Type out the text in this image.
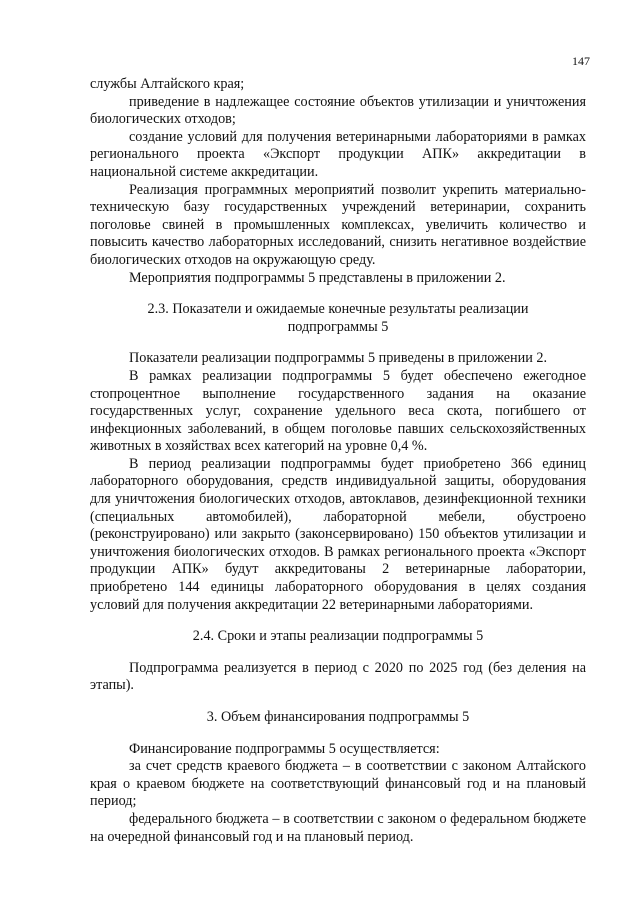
147

службы Алтайского края;

приведение в надлежащее состояние объектов утилизации и уничтожения биологических отходов;

создание условий для получения ветеринарными лабораториями в рамках регионального проекта «Экспорт продукции АПК» аккредитации в национальной системе аккредитации.

Реализация программных мероприятий позволит укрепить материально-техническую базу государственных учреждений ветеринарии, сохранить поголовье свиней в промышленных комплексах, увеличить количество и повысить качество лабораторных исследований, снизить негативное воздействие биологических отходов на окружающую среду.

Мероприятия подпрограммы 5 представлены в приложении 2.

2.3. Показатели и ожидаемые конечные результаты реализации подпрограммы 5

Показатели реализации подпрограммы 5 приведены в приложении 2.

В рамках реализации подпрограммы 5 будет обеспечено ежегодное стопроцентное выполнение государственного задания на оказание государственных услуг, сохранение удельного веса скота, погибшего от инфекционных заболеваний, в общем поголовье павших сельскохозяйственных животных в хозяйствах всех категорий на уровне 0,4 %.

В период реализации подпрограммы будет приобретено 366 единиц лабораторного оборудования, средств индивидуальной защиты, оборудования для уничтожения биологических отходов, автоклавов, дезинфекционной техники (специальных автомобилей), лабораторной мебели, обустроено (реконструировано) или закрыто (законсервировано) 150 объектов утилизации и уничтожения биологических отходов. В рамках регионального проекта «Экспорт продукции АПК» будут аккредитованы 2 ветеринарные лаборатории, приобретено 144 единицы лабораторного оборудования в целях создания условий для получения аккредитации 22 ветеринарными лабораториями.

2.4. Сроки и этапы реализации подпрограммы 5

Подпрограмма реализуется в период с 2020 по 2025 год (без деления на этапы).

3. Объем финансирования подпрограммы 5

Финансирование подпрограммы 5 осуществляется:

за счет средств краевого бюджета – в соответствии с законом Алтайского края о краевом бюджете на соответствующий финансовый год и на плановый период;

федерального бюджета – в соответствии с законом о федеральном бюджете на очередной финансовый год и на плановый период.
